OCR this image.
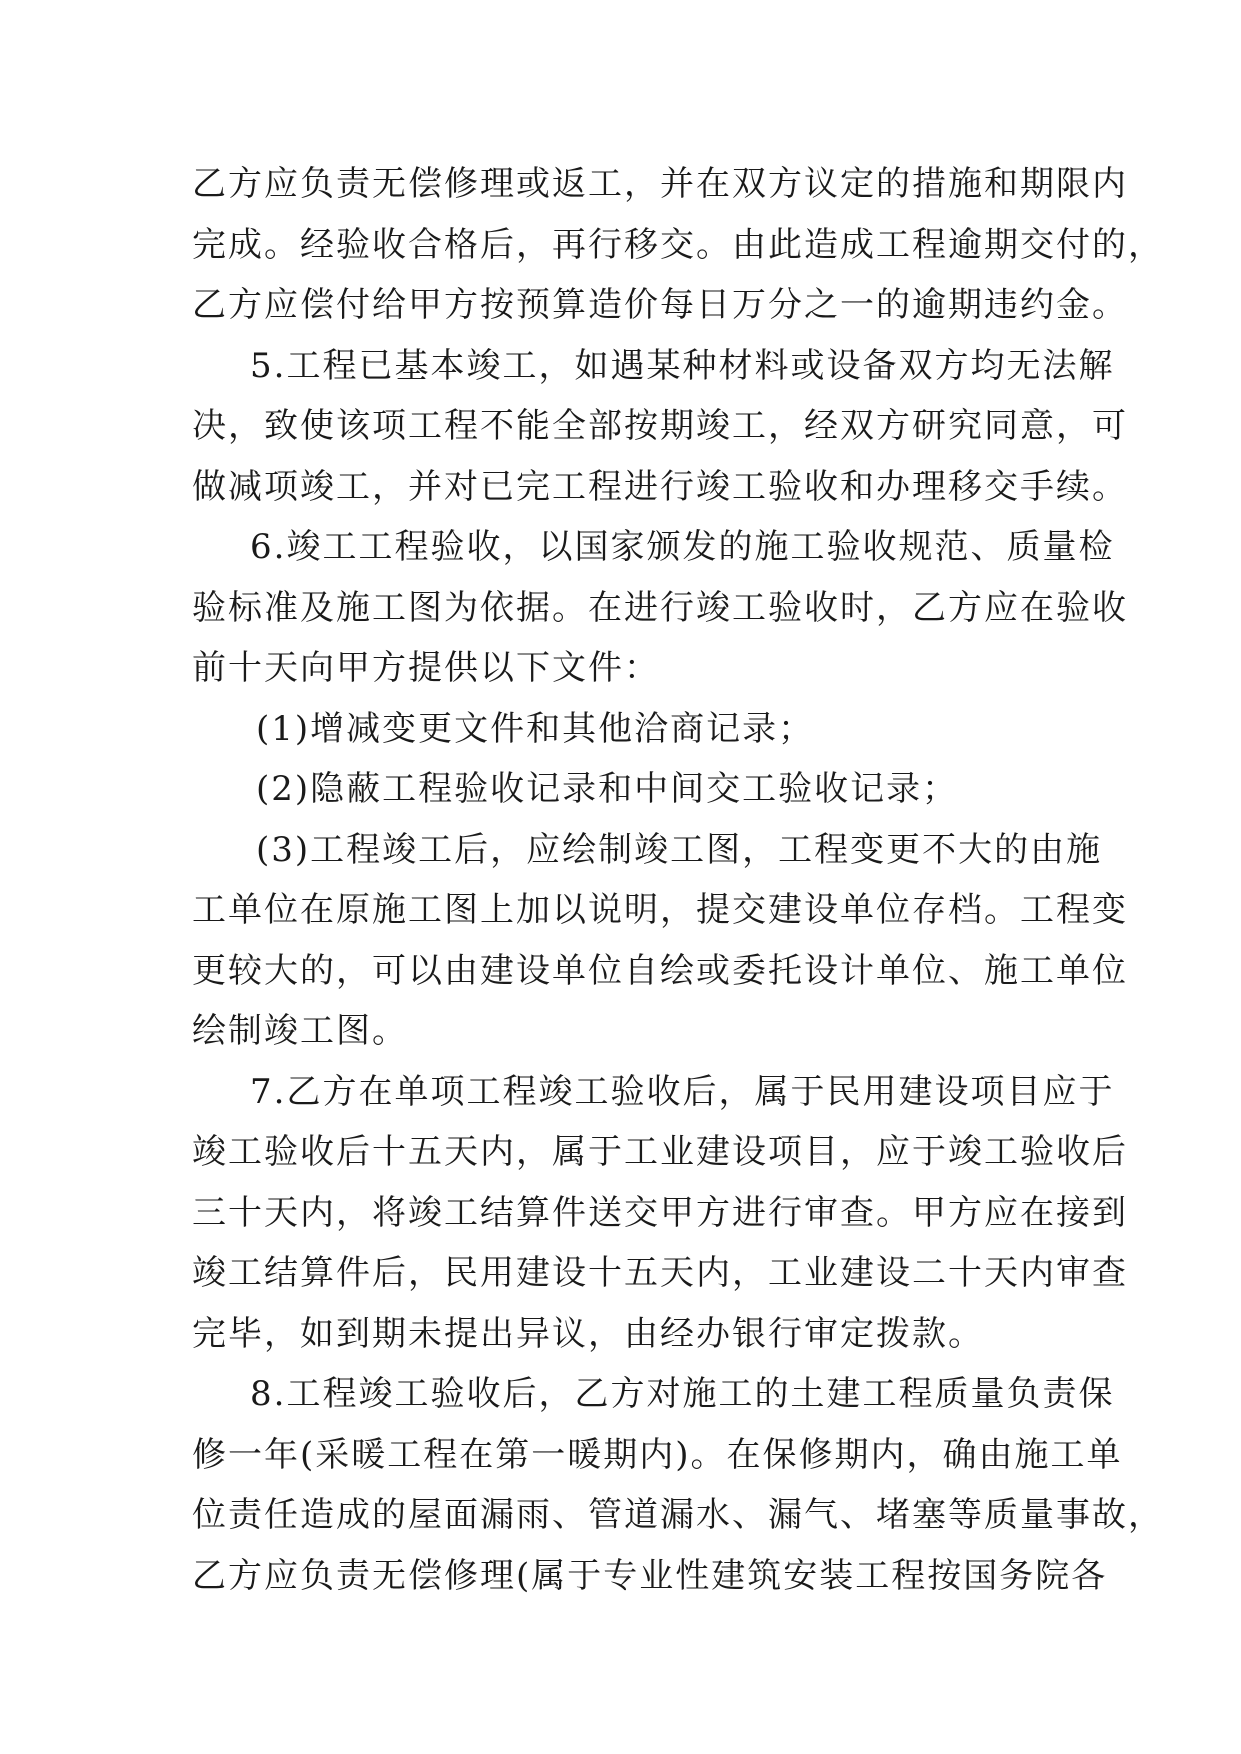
乙方应负责无偿修理或返工，并在双方议定的措施和期限内
完成。经验收合格后，再行移交。由此造成工程逾期交付的，
乙方应偿付给甲方按预算造价每日万分之一的逾期违约金。
5.工程已基本竣工，如遇某种材料或设备双方均无法解
决，致使该项工程不能全部按期竣工，经双方研究同意，可
做减项竣工，并对已完工程进行竣工验收和办理移交手续。
6.竣工工程验收，以国家颁发的施工验收规范、质量检
验标准及施工图为依据。在进行竣工验收时，乙方应在验收
前十天向甲方提供以下文件：
(1)增减变更文件和其他洽商记录；
(2)隐蔽工程验收记录和中间交工验收记录；
(3)工程竣工后，应绘制竣工图，工程变更不大的由施
工单位在原施工图上加以说明，提交建设单位存档。工程变
更较大的，可以由建设单位自绘或委托设计单位、施工单位
绘制竣工图。
7.乙方在单项工程竣工验收后，属于民用建设项目应于
竣工验收后十五天内，属于工业建设项目，应于竣工验收后
三十天内，将竣工结算件送交甲方进行审查。甲方应在接到
竣工结算件后，民用建设十五天内，工业建设二十天内审查
完毕，如到期未提出异议，由经办银行审定拨款。
8.工程竣工验收后，乙方对施工的土建工程质量负责保
修一年(采暖工程在第一暖期内)。在保修期内，确由施工单
位责任造成的屋面漏雨、管道漏水、漏气、堵塞等质量事故，
乙方应负责无偿修理(属于专业性建筑安装工程按国务院各
